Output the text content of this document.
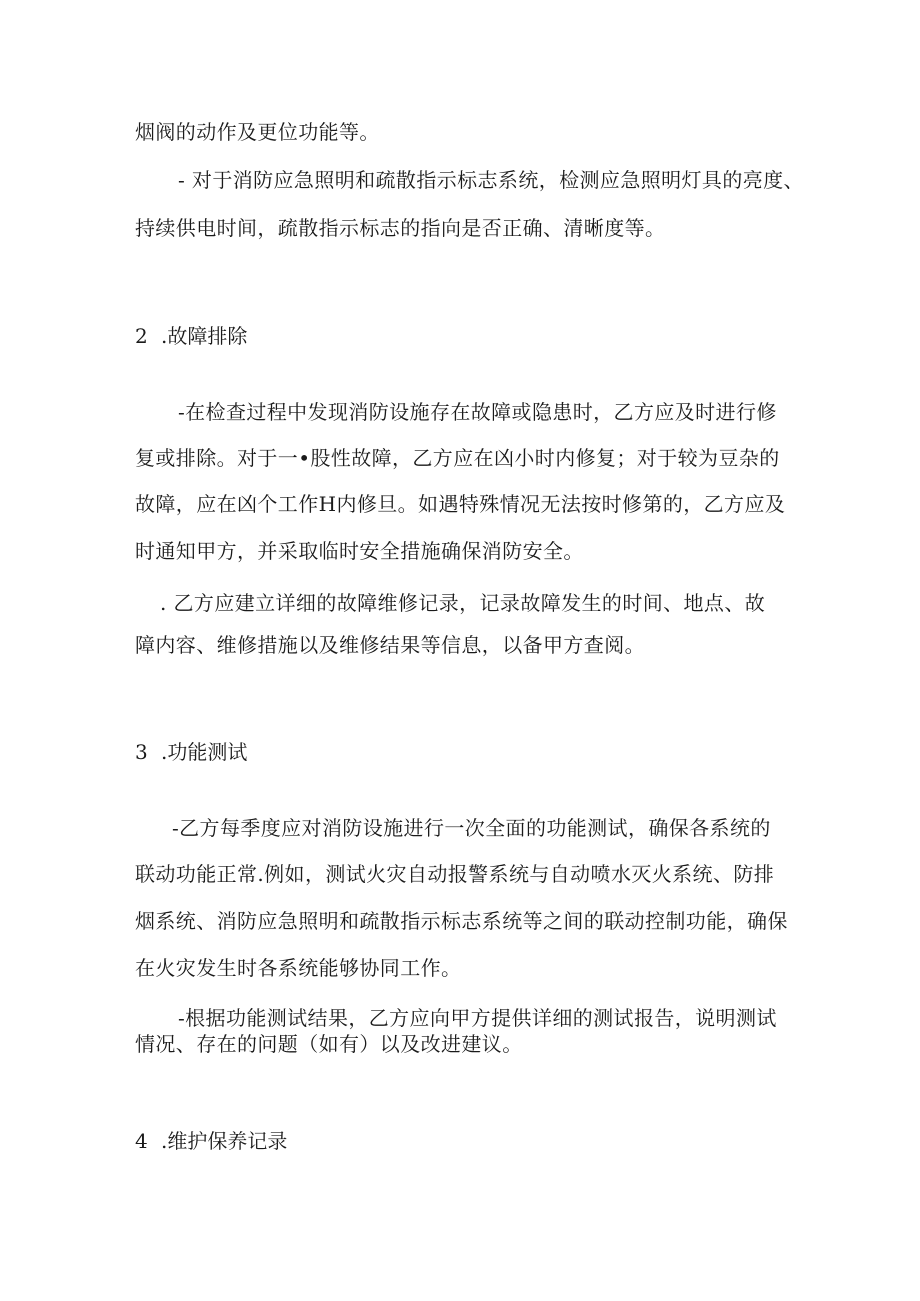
烟阀的动作及更位功能等。
- 对于消防应急照明和疏散指示标志系统，检测应急照明灯具的亮度、
持续供电时间，疏散指示标志的指向是否正确、清晰度等。
2 .故障排除
-在检查过程中发现消防设施存在故障或隐患时，乙方应及时进行修
复或排除。对于一•股性故障，乙方应在凶小时内修复；对于较为豆杂的
故障，应在凶个工作H内修旦。如遇特殊情况无法按时修第的，乙方应及
时通知甲方，并采取临时安全措施确保消防安全。
. 乙方应建立详细的故障维修记录，记录故障发生的时间、地点、故
障内容、维修措施以及维修结果等信息，以备甲方查阅。
3 .功能测试
-乙方每季度应对消防设施进行一次全面的功能测试，确保各系统的
联动功能正常.例如，测试火灾自动报警系统与自动喷水灭火系统、防排
烟系统、消防应急照明和疏散指示标志系统等之间的联动控制功能，确保
在火灾发生时各系统能够协同工作。
-根据功能测试结果，乙方应向甲方提供详细的测试报告，说明测试
情况、存在的问题（如有）以及改进建议。
4 .维护保养记录
